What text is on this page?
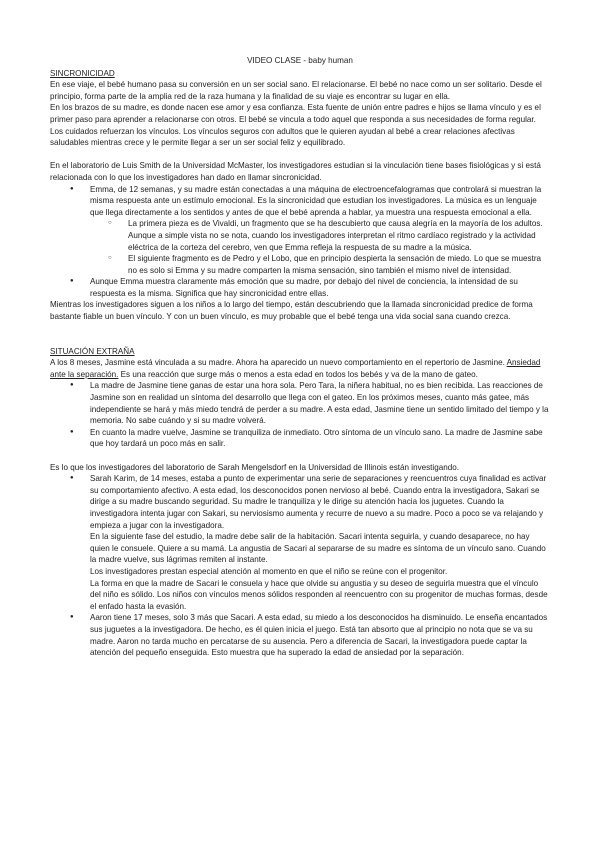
VIDEO CLASE - baby human

SINCRONICIDAD

En ese viaje, el bebé humano pasa su conversión en un ser social sano. El relacionarse. El bebé no nace como un ser solitario. Desde el principio, forma parte de la amplia red de la raza humana y la finalidad de su viaje es encontrar su lugar en ella.

En los brazos de su madre, es donde nacen ese amor y esa confianza. Esta fuente de unión entre padres e hijos se llama vínculo y es el primer paso para aprender a relacionarse con otros. El bebé se vincula a todo aquel que responda a sus necesidades de forma regular.

Los cuidados refuerzan los vínculos. Los vínculos seguros con adultos que le quieren ayudan al bebé a crear relaciones afectivas saludables mientras crece y le permite llegar a ser un ser social feliz y equilibrado.

En el laboratorio de Luis Smith de la Universidad McMaster, los investigadores estudian si la vinculación tiene bases fisiológicas y si está relacionada con lo que los investigadores han dado en llamar sincronicidad.

● Emma, de 12 semanas, y su madre están conectadas a una máquina de electroencefalogramas que controlará si muestran la misma respuesta ante un estímulo emocional. Es la sincronicidad que estudian los investigadores. La música es un lenguaje que llega directamente a los sentidos y antes de que el bebé aprenda a hablar, ya muestra una respuesta emocional a ella.
○ La primera pieza es de Vivaldi, un fragmento que se ha descubierto que causa alegría en la mayoría de los adultos. Aunque a simple vista no se nota, cuando los investigadores interpretan el ritmo cardíaco registrado y la actividad eléctrica de la corteza del cerebro, ven que Emma refleja la respuesta de su madre a la música.
○ El siguiente fragmento es de Pedro y el Lobo, que en principio despierta la sensación de miedo. Lo que se muestra no es solo si Emma y su madre comparten la misma sensación, sino también el mismo nivel de intensidad.
● Aunque Emma muestra claramente más emoción que su madre, por debajo del nivel de conciencia, la intensidad de su respuesta es la misma. Significa que hay sincronicidad entre ellas.

Mientras los investigadores siguen a los niños a lo largo del tiempo, están descubriendo que la llamada sincronicidad predice de forma bastante fiable un buen vínculo. Y con un buen vínculo, es muy probable que el bebé tenga una vida social sana cuando crezca.

SITUACIÓN EXTRAÑA

A los 8 meses, Jasmine está vinculada a su madre. Ahora ha aparecido un nuevo comportamiento en el repertorio de Jasmine. Ansiedad ante la separación. Es una reacción que surge más o menos a esta edad en todos los bebés y va de la mano de gateo.

● La madre de Jasmine tiene ganas de estar una hora sola. Pero Tara, la niñera habitual, no es bien recibida. Las reacciones de Jasmine son en realidad un síntoma del desarrollo que llega con el gateo. En los próximos meses, cuanto más gatee, más independiente se hará y más miedo tendrá de perder a su madre. A esta edad, Jasmine tiene un sentido limitado del tiempo y la memoria. No sabe cuándo y si su madre volverá.
● En cuanto la madre vuelve, Jasmine se tranquiliza de inmediato. Otro síntoma de un vínculo sano. La madre de Jasmine sabe que hoy tardará un poco más en salir.

Es lo que los investigadores del laboratorio de Sarah Mengelsdorf en la Universidad de Illinois están investigando.

● Sarah Karim, de 14 meses, estaba a punto de experimentar una serie de separaciones y reencuentros cuya finalidad es activar su comportamiento afectivo. A esta edad, los desconocidos ponen nervioso al bebé. Cuando entra la investigadora, Sakari se dirige a su madre buscando seguridad. Su madre le tranquiliza y le dirige su atención hacia los juguetes. Cuando la investigadora intenta jugar con Sakari, su nerviosismo aumenta y recurre de nuevo a su madre. Poco a poco se va relajando y empieza a jugar con la investigadora.

En la siguiente fase del estudio, la madre debe salir de la habitación. Sacari intenta seguirla, y cuando desaparece, no hay quien le consuele. Quiere a su mamá. La angustia de Sacari al separarse de su madre es síntoma de un vínculo sano. Cuando la madre vuelve, sus lágrimas remiten al instante.

Los investigadores prestan especial atención al momento en que el niño se reúne con el progenitor.

La forma en que la madre de Sacari le consuela y hace que olvide su angustia y su deseo de seguirla muestra que el vínculo del niño es sólido. Los niños con vínculos menos sólidos responden al reencuentro con su progenitor de muchas formas, desde el enfado hasta la evasión.

● Aaron tiene 17 meses, solo 3 más que Sacari. A esta edad, su miedo a los desconocidos ha disminuido. Le enseña encantados sus juguetes a la investigadora. De hecho, es él quien inicia el juego. Está tan absorto que al principio no nota que se va su madre. Aaron no tarda mucho en percatarse de su ausencia. Pero a diferencia de Sacari, la investigadora puede captar la atención del pequeño enseguida. Esto muestra que ha superado la edad de ansiedad por la separación.
